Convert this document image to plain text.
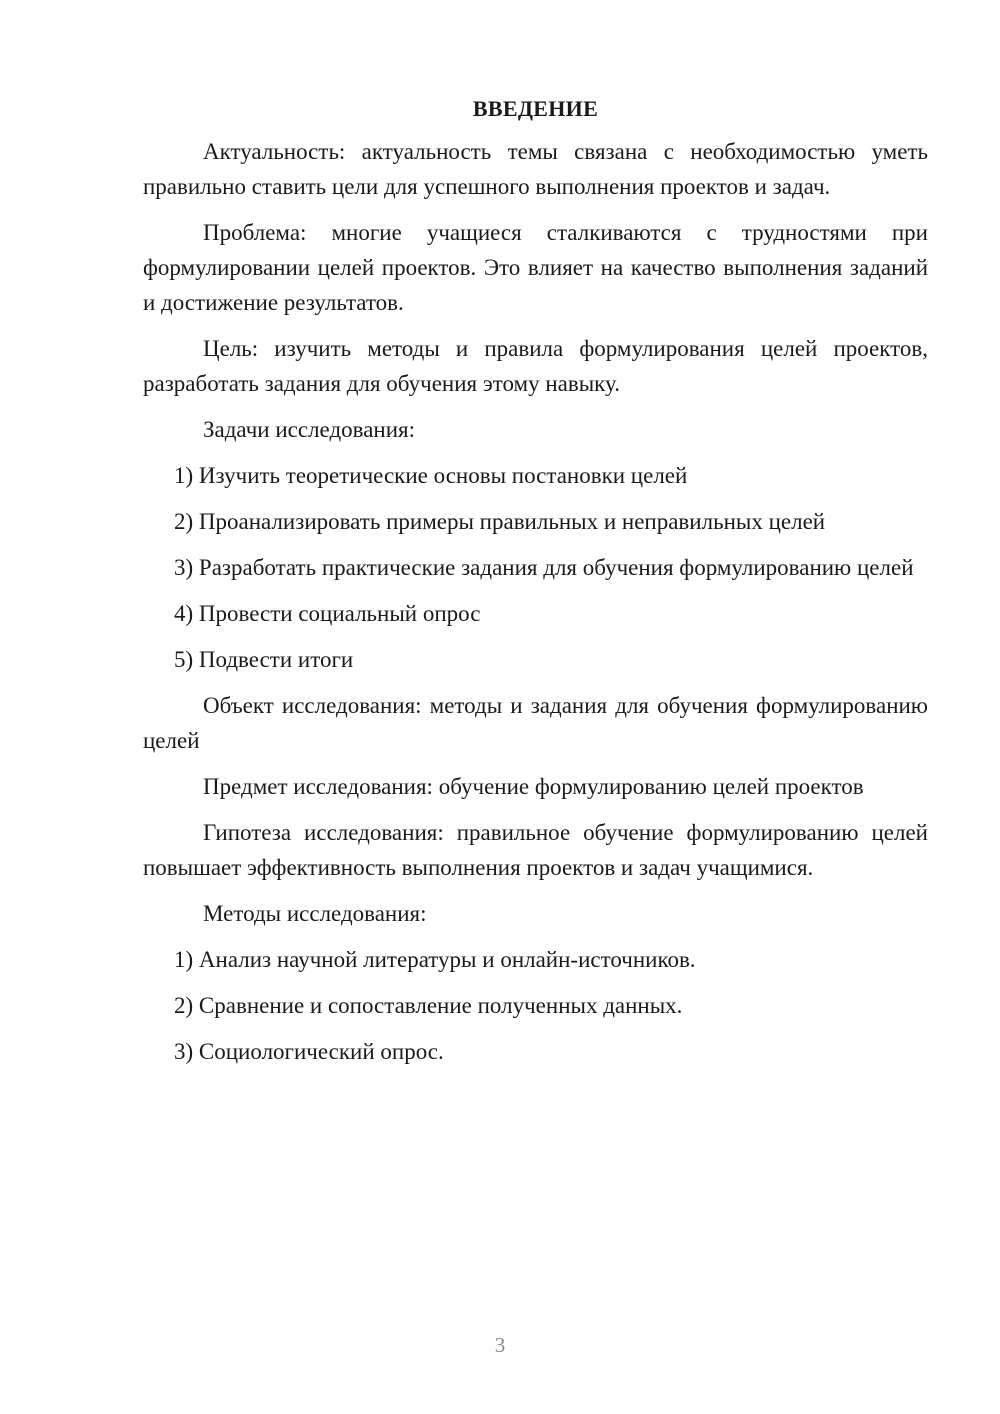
ВВЕДЕНИЕ

Актуальность: актуальность темы связана с необходимостью уметь правильно ставить цели для успешного выполнения проектов и задач.

Проблема: многие учащиеся сталкиваются с трудностями при формулировании целей проектов. Это влияет на качество выполнения заданий и достижение результатов.

Цель: изучить методы и правила формулирования целей проектов, разработать задания для обучения этому навыку.

Задачи исследования:

1) Изучить теоретические основы постановки целей

2) Проанализировать примеры правильных и неправильных целей

3) Разработать практические задания для обучения формулированию целей

4) Провести социальный опрос

5) Подвести итоги

Объект исследования: методы и задания для обучения формулированию целей

Предмет исследования: обучение формулированию целей проектов

Гипотеза исследования: правильное обучение формулированию целей повышает эффективность выполнения проектов и задач учащимися.

Методы исследования:

1) Анализ научной литературы и онлайн-источников.

2) Сравнение и сопоставление полученных данных.

3) Социологический опрос.

3
